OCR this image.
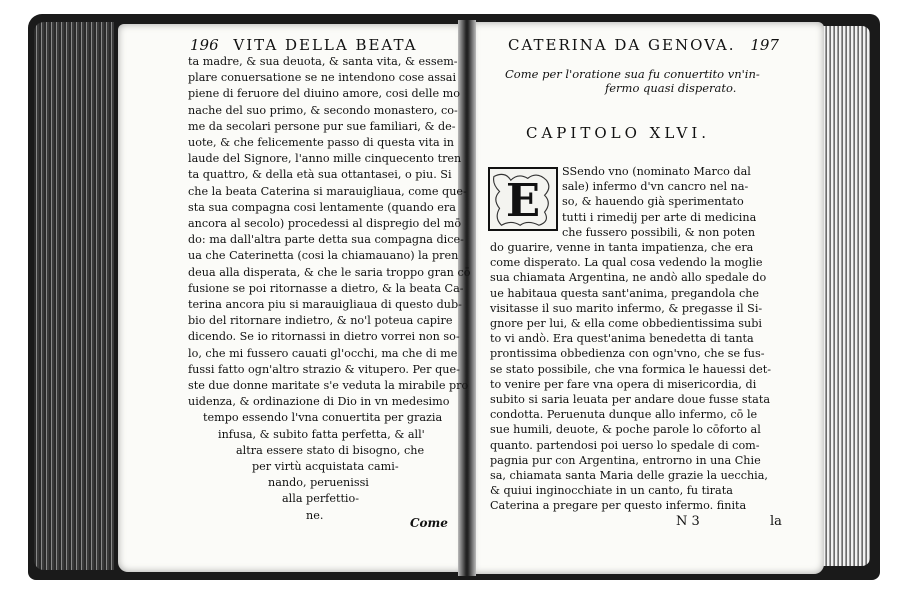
196 VITA DELLA BEATA
ta madre, & sua deuota, & santa vita, & essem-
plare conuersatione se ne intendono cose assai
piene di feruore del diuino amore, cosi delle mo
nache del suo primo, & secondo monastero, co-
me da secolari persone pur sue familiari, & de-
uote, & che felicemente passo di questa vita in
laude del Signore, l'anno mille cinquecento tren
ta quattro, & della età sua ottantasei, o piu. Si
che la beata Caterina si marauigliaua, come que-
sta sua compagna cosi lentamente (quando era
ancora al secolo) procedessi al dispregio del mō
do: ma dall'altra parte detta sua compagna dice-
ua che Caterinetta (cosi la chiamauano) la pren
deua alla disperata, & che le saria troppo gran cō
fusione se poi ritornasse a dietro, & la beata Ca-
terina ancora piu si marauigliaua di questo dub-
bio del ritornare indietro, & no'l poteua capire
dicendo. Se io ritornassi in dietro vorrei non so-
lo, che mi fussero cauati gl'occhi, ma che di me
fussi fatto ogn'altro strazio & vitupero. Per que-
ste due donne maritate s'e veduta la mirabile pro
uidenza, & ordinazione di Dio in vn medesimo
tempo essendo l'vna conuertita per grazia
infusa, & subito fatta perfetta, & all'
altra essere stato di bisogno, che
per virtù acquistata cami-
nando, peruenissi
alla perfettio-
ne.
Come
CATERINA DA GENOVA. 197
Come per l'oratione sua fu conuertito vn'in-
fermo quasi disperato.
CAPITOLO XLVI.
E
SSendo vno (nominato Marco dal
sale) infermo d'vn cancro nel na-
so, & hauendo già sperimentato
tutti i rimedij per arte di medicina
che fussero possibili, & non poten
do guarire, venne in tanta impatienza, che era
come disperato. La qual cosa vedendo la moglie
sua chiamata Argentina, ne andò allo spedale do
ue habitaua questa sant'anima, pregandola che
visitasse il suo marito infermo, & pregasse il Si-
gnore per lui, & ella come obbedientissima subi
to vi andò. Era quest'anima benedetta di tanta
prontissima obbedienza con ogn'vno, che se fus-
se stato possibile, che vna formica le hauessi det-
to venire per fare vna opera di misericordia, di
subito si saria leuata per andare doue fusse stata
condotta. Peruenuta dunque allo infermo, cō le
sue humili, deuote, & poche parole lo cōforto al
quanto. partendosi poi uerso lo spedale di com-
pagnia pur con Argentina, entrorno in una Chie
sa, chiamata santa Maria delle grazie la uecchia,
& quiui inginocchiate in un canto, fu tirata
Caterina a pregare per questo infermo. finita
N 3	la
